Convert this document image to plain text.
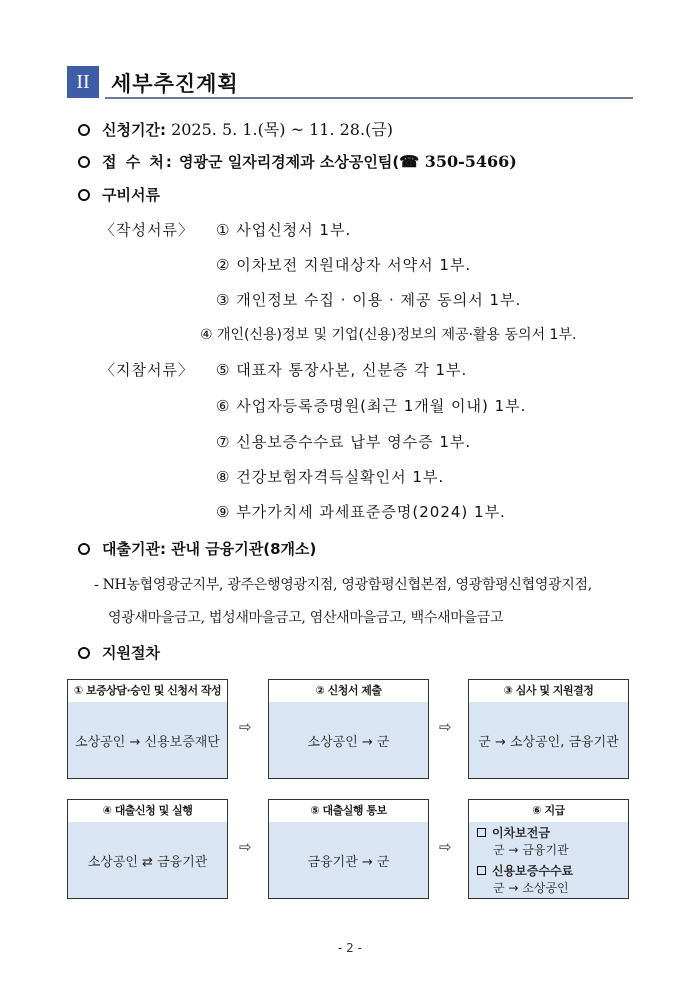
II	세부추진계획
신청기간: 2025. 5. 1.(목) ~ 11. 28.(금)
접 수 처: 영광군 일자리경제과 소상공인팀(☎ 350-5466)
구비서류
〈작성서류〉 ① 사업신청서 1부.
② 이차보전 지원대상자 서약서 1부.
③ 개인정보 수집 · 이용 · 제공 동의서 1부.
④ 개인(신용)정보 및 기업(신용)정보의 제공·활용 동의서 1부.
〈지참서류〉 ⑤ 대표자 통장사본, 신분증 각 1부.
⑥ 사업자등록증명원(최근 1개월 이내) 1부.
⑦ 신용보증수수료 납부 영수증 1부.
⑧ 건강보험자격득실확인서 1부.
⑨ 부가가치세 과세표준증명(2024) 1부.
대출기관: 관내 금융기관(8개소)
- NH농협영광군지부, 광주은행영광지점, 영광함평신협본점, 영광함평신협영광지점,
영광새마을금고, 법성새마을금고, 염산새마을금고, 백수새마을금고
지원절차
① 보증상담·승인 및 신청서 작성
소상공인 → 신용보증재단
⇨
② 신청서 제출
소상공인 → 군
⇨
③ 심사 및 지원결정
군 → 소상공인, 금융기관
④ 대출신청 및 실행
소상공인 ⇄ 금융기관
⇨
⑤ 대출실행 통보
금융기관 → 군
⇨
⑥ 지급
이차보전금
군 → 금융기관
신용보증수수료
군 → 소상공인
- 2 -
